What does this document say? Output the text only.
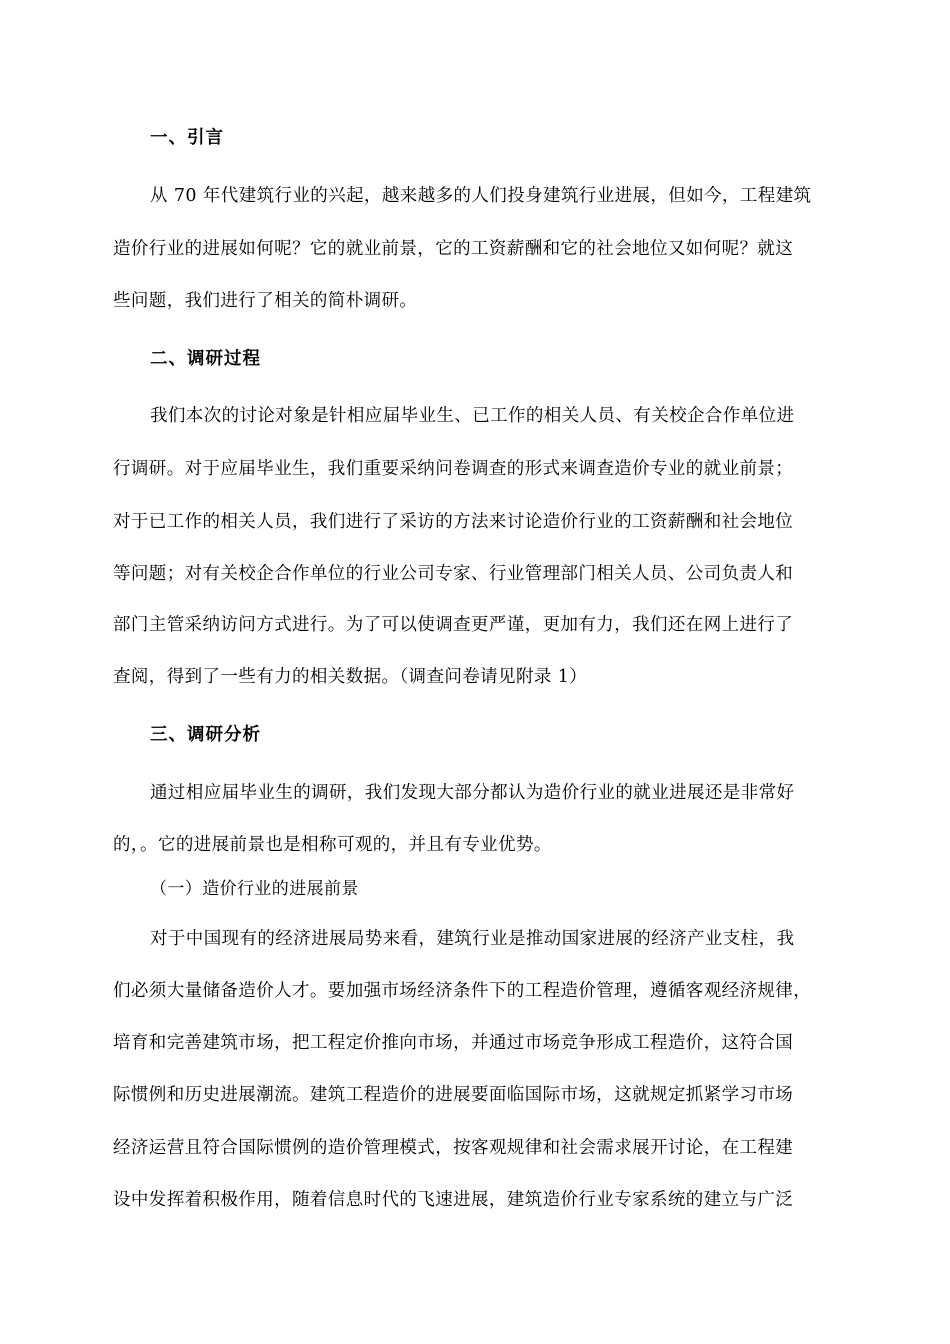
一、引言
从 70 年代建筑行业的兴起，越来越多的人们投身建筑行业进展，但如今，工程建筑
造价行业的进展如何呢？它的就业前景，它的工资薪酬和它的社会地位又如何呢？就这
些问题，我们进行了相关的简朴调研。
二、调研过程
我们本次的讨论对象是针相应届毕业生、已工作的相关人员、有关校企合作单位进
行调研。对于应届毕业生，我们重要采纳问卷调查的形式来调查造价专业的就业前景；
对于已工作的相关人员，我们进行了采访的方法来讨论造价行业的工资薪酬和社会地位
等问题；对有关校企合作单位的行业公司专家、行业管理部门相关人员、公司负责人和
部门主管采纳访问方式进行。为了可以使调查更严谨，更加有力，我们还在网上进行了
查阅，得到了一些有力的相关数据。（调查问卷请见附录 1）
三、调研分析
通过相应届毕业生的调研，我们发现大部分都认为造价行业的就业进展还是非常好
的，。它的进展前景也是相称可观的，并且有专业优势。
（一）造价行业的进展前景
对于中国现有的经济进展局势来看，建筑行业是推动国家进展的经济产业支柱，我
们必须大量储备造价人才。要加强市场经济条件下的工程造价管理，遵循客观经济规律，
培育和完善建筑市场，把工程定价推向市场，并通过市场竞争形成工程造价，这符合国
际惯例和历史进展潮流。建筑工程造价的进展要面临国际市场，这就规定抓紧学习市场
经济运营且符合国际惯例的造价管理模式，按客观规律和社会需求展开讨论，在工程建
设中发挥着积极作用，随着信息时代的飞速进展，建筑造价行业专家系统的建立与广泛
